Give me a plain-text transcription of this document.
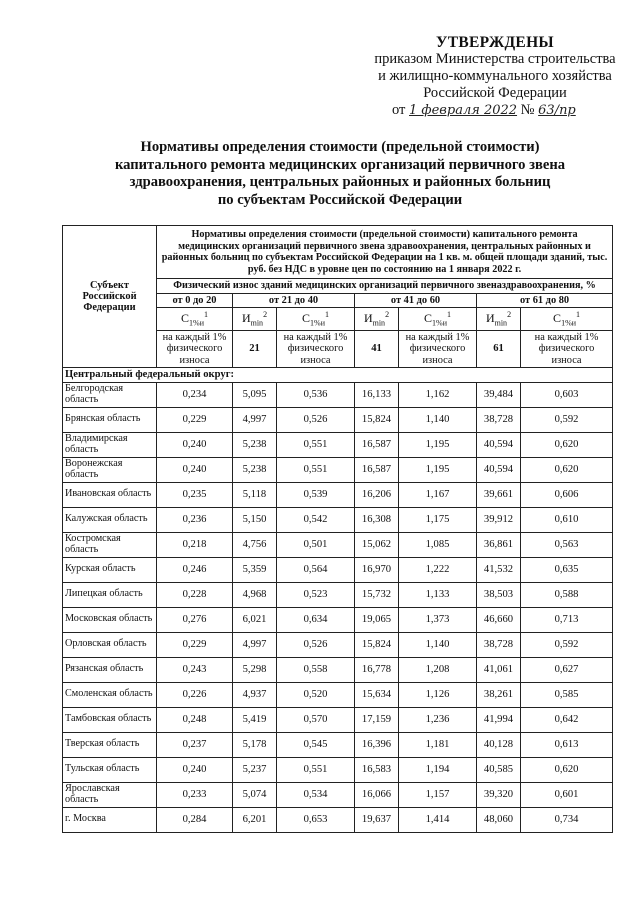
УТВЕРЖДЕНЫ
приказом Министерства строительства
и жилищно-коммунального хозяйства
Российской Федерации
от 1 февраля 2022 № 63/пр
Нормативы определения стоимости (предельной стоимости)
капитального ремонта медицинских организаций первичного звена
здравоохранения, центральных районных и районных больниц
по субъектам Российской Федерации
Субъект Российской Федерации	Нормативы определения стоимости (предельной стоимости) капитального ремонта медицинских организаций первичного звена здравоохранения, центральных районных и районных больниц по субъектам Российской Федерации на 1 кв. м. общей площади зданий, тыс. руб. без НДС в уровне цен по состоянию на 1 января 2022 г.						
	Физический износ зданий медицинских организаций первичного звеназдравоохранения, %						
	от 0 до 20	от 21 до 40		от 41 до 60		от 61 до 80	
	$С_{1\%и}^1$	$И_{min}^2$	$С_{1\%и}^1$	$И_{min}^2$	$С_{1\%и}^1$	$И_{min}^2$	$С_{1\%и}^1$
	на каждый 1% физического износа	21	на каждый 1% физического износа	41	на каждый 1% физического износа	61	на каждый 1% физического износа
Центральный федеральный округ:							
Белгородская область	0,234	5,095	0,536	16,133	1,162	39,484	0,603
Брянская область	0,229	4,997	0,526	15,824	1,140	38,728	0,592
Владимирская область	0,240	5,238	0,551	16,587	1,195	40,594	0,620
Воронежская область	0,240	5,238	0,551	16,587	1,195	40,594	0,620
Ивановская область	0,235	5,118	0,539	16,206	1,167	39,661	0,606
Калужская область	0,236	5,150	0,542	16,308	1,175	39,912	0,610
Костромская область	0,218	4,756	0,501	15,062	1,085	36,861	0,563
Курская область	0,246	5,359	0,564	16,970	1,222	41,532	0,635
Липецкая область	0,228	4,968	0,523	15,732	1,133	38,503	0,588
Московская область	0,276	6,021	0,634	19,065	1,373	46,660	0,713
Орловская область	0,229	4,997	0,526	15,824	1,140	38,728	0,592
Рязанская область	0,243	5,298	0,558	16,778	1,208	41,061	0,627
Смоленская область	0,226	4,937	0,520	15,634	1,126	38,261	0,585
Тамбовская область	0,248	5,419	0,570	17,159	1,236	41,994	0,642
Тверская область	0,237	5,178	0,545	16,396	1,181	40,128	0,613
Тульская область	0,240	5,237	0,551	16,583	1,194	40,585	0,620
Ярославская область	0,233	5,074	0,534	16,066	1,157	39,320	0,601
г. Москва	0,284	6,201	0,653	19,637	1,414	48,060	0,734
